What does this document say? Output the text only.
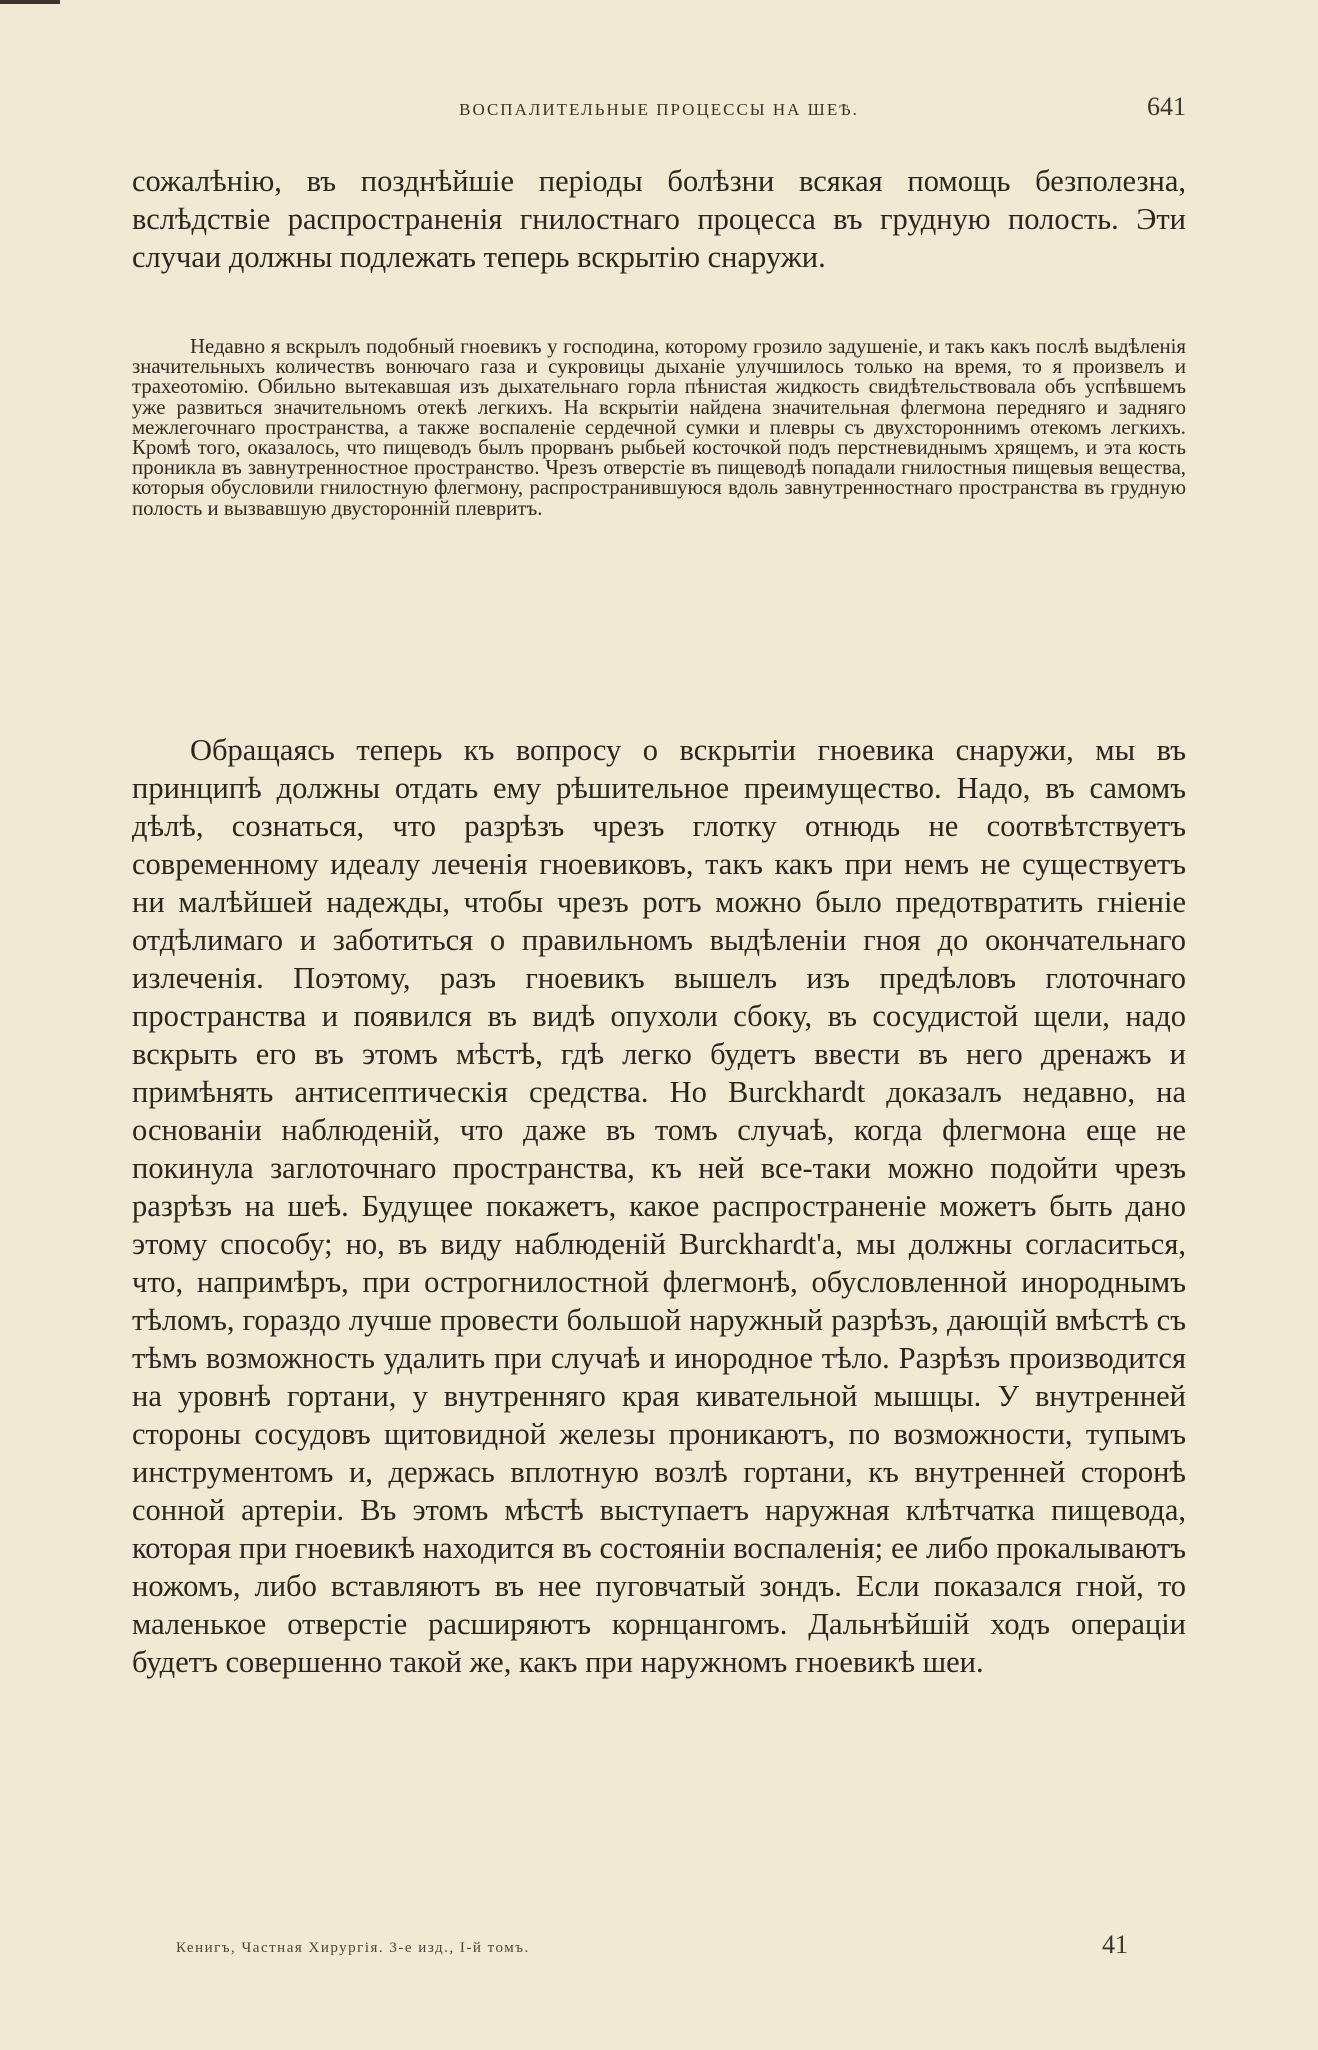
ВОСПАЛИТЕЛЬНЫЕ ПРОЦЕССЫ НА ШЕѢ.	641

сожалѣнію, въ позднѣйшіе періоды болѣзни всякая помощь безполезна, вслѣдствіе распространенія гнилостнаго процесса въ грудную полость. Эти случаи должны подлежать теперь вскрытію снаружи.

Недавно я вскрылъ подобный гноевикъ у господина, которому грозило задушеніе, и такъ какъ послѣ выдѣленія значительныхъ количествъ вонючаго газа и сукровицы дыханіе улучшилось только на время, то я произвелъ и трахеотомію. Обильно вытекавшая изъ дыхательнаго горла пѣнистая жидкость свидѣтельствовала объ успѣвшемъ уже развиться значительномъ отекѣ легкихъ. На вскрытіи найдена значительная флегмона передняго и задняго межлегочнаго пространства, а также воспаленіе сердечной сумки и плевры съ двухстороннимъ отекомъ легкихъ. Кромѣ того, оказалось, что пищеводъ былъ прорванъ рыбьей косточкой подъ перстневиднымъ хрящемъ, и эта кость проникла въ завнутренностное пространство. Чрезъ отверстіе въ пищеводѣ попадали гнилостныя пищевыя вещества, которыя обусловили гнилостную флегмону, распространившуюся вдоль завнутренностнаго пространства въ грудную полость и вызвавшую двусторонній плевритъ.

Обращаясь теперь къ вопросу о вскрытіи гноевика снаружи, мы въ принципѣ должны отдать ему рѣшительное преимущество. Надо, въ самомъ дѣлѣ, сознаться, что разрѣзъ чрезъ глотку отнюдь не соотвѣтствуетъ современному идеалу леченія гноевиковъ, такъ какъ при немъ не существуетъ ни малѣйшей надежды, чтобы чрезъ ротъ можно было предотвратить гніеніе отдѣлимаго и заботиться о правильномъ выдѣленіи гноя до окончательнаго излеченія. Поэтому, разъ гноевикъ вышелъ изъ предѣловъ глоточнаго пространства и появился въ видѣ опухоли сбоку, въ сосудистой щели, надо вскрыть его въ этомъ мѣстѣ, гдѣ легко будетъ ввести въ него дренажъ и примѣнять антисептическія средства. Но Burckhardt доказалъ недавно, на основаніи наблюденій, что даже въ томъ случаѣ, когда флегмона еще не покинула заглоточнаго пространства, къ ней все-таки можно подойти чрезъ разрѣзъ на шеѣ. Будущее покажетъ, какое распространеніе можетъ быть дано этому способу; но, въ виду наблюденій Burckhardt'а, мы должны согласиться, что, напримѣръ, при острогнилостной флегмонѣ, обусловленной инороднымъ тѣломъ, гораздо лучше провести большой наружный разрѣзъ, дающій вмѣстѣ съ тѣмъ возможность удалить при случаѣ и инородное тѣло. Разрѣзъ производится на уровнѣ гортани, у внутренняго края кивательной мышцы. У внутренней стороны сосудовъ щитовидной железы проникаютъ, по возможности, тупымъ инструментомъ и, держась вплотную возлѣ гортани, къ внутренней сторонѣ сонной артеріи. Въ этомъ мѣстѣ выступаетъ наружная клѣтчатка пищевода, которая при гноевикѣ находится въ состояніи воспаленія; ее либо прокалываютъ ножомъ, либо вставляютъ въ нее пуговчатый зондъ. Если показался гной, то маленькое отверстіе расширяютъ корнцангомъ. Дальнѣйшій ходъ операціи будетъ совершенно такой же, какъ при наружномъ гноевикѣ шеи.

Кенигъ, Частная Хирургія. 3-е изд., I-й томъ.	41
